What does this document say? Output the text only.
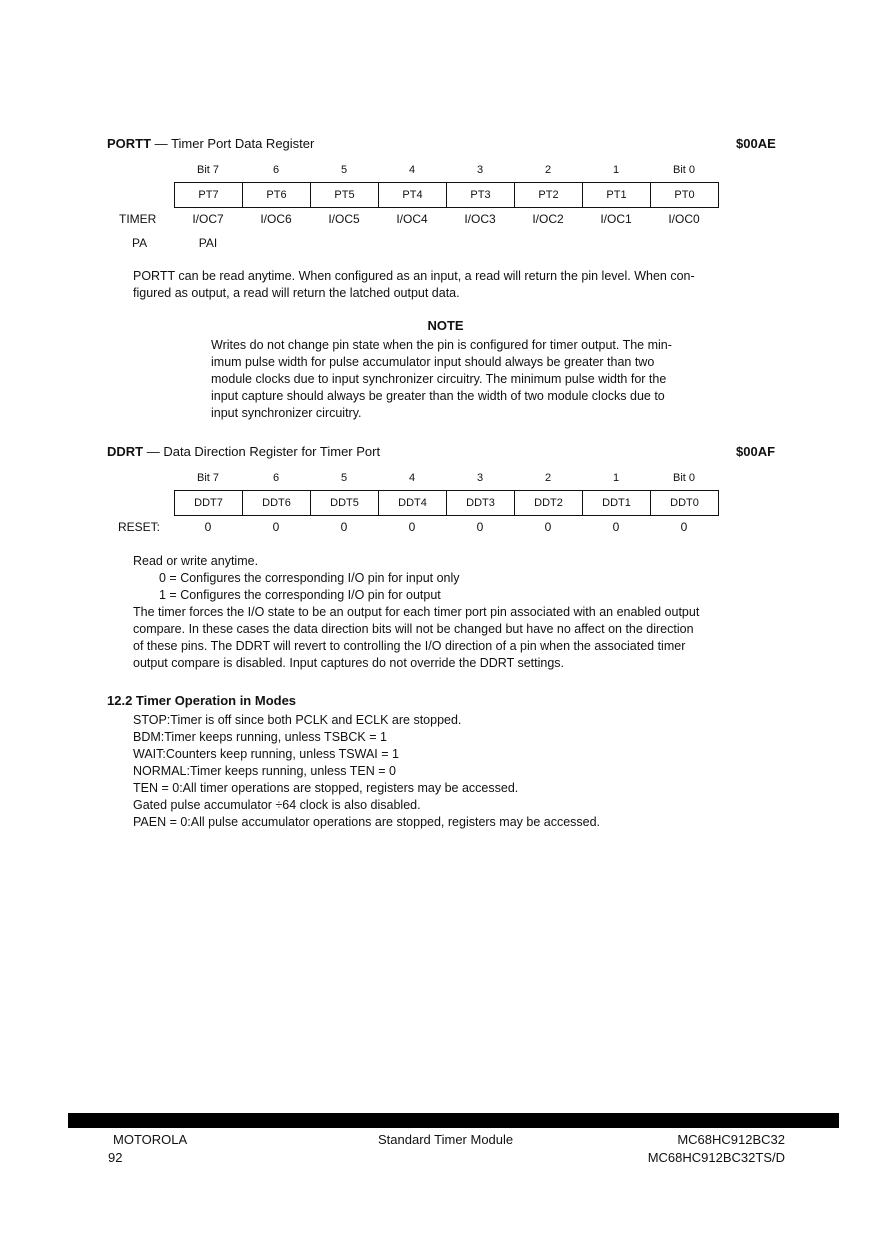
PORTT — Timer Port Data Register	$00AE
Bit 7	6	5	4	3	2	1	Bit 0
PT7	PT6	PT5	PT4	PT3	PT2	PT1	PT0
TIMER	I/OC7	I/OC6	I/OC5	I/OC4	I/OC3	I/OC2	I/OC1	I/OC0
PA	PAI
PORTT can be read anytime. When configured as an input, a read will return the pin level. When con-
figured as output, a read will return the latched output data.
NOTE
Writes do not change pin state when the pin is configured for timer output. The min-
imum pulse width for pulse accumulator input should always be greater than two
module clocks due to input synchronizer circuitry. The minimum pulse width for the
input capture should always be greater than the width of two module clocks due to
input synchronizer circuitry.
DDRT — Data Direction Register for Timer Port	$00AF
Bit 7	6	5	4	3	2	1	Bit 0
DDT7	DDT6	DDT5	DDT4	DDT3	DDT2	DDT1	DDT0
RESET:	0	0	0	0	0	0	0	0
Read or write anytime.
0 = Configures the corresponding I/O pin for input only
1 = Configures the corresponding I/O pin for output
The timer forces the I/O state to be an output for each timer port pin associated with an enabled output
compare. In these cases the data direction bits will not be changed but have no affect on the direction
of these pins. The DDRT will revert to controlling the I/O direction of a pin when the associated timer
output compare is disabled. Input captures do not override the DDRT settings.
12.2 Timer Operation in Modes
STOP:Timer is off since both PCLK and ECLK are stopped.
BDM:Timer keeps running, unless TSBCK = 1
WAIT:Counters keep running, unless TSWAI = 1
NORMAL:Timer keeps running, unless TEN = 0
TEN = 0:All timer operations are stopped, registers may be accessed.
Gated pulse accumulator ÷64 clock is also disabled.
PAEN = 0:All pulse accumulator operations are stopped, registers may be accessed.
MOTOROLA
92
Standard Timer Module	MC68HC912BC32
MC68HC912BC32TS/D
